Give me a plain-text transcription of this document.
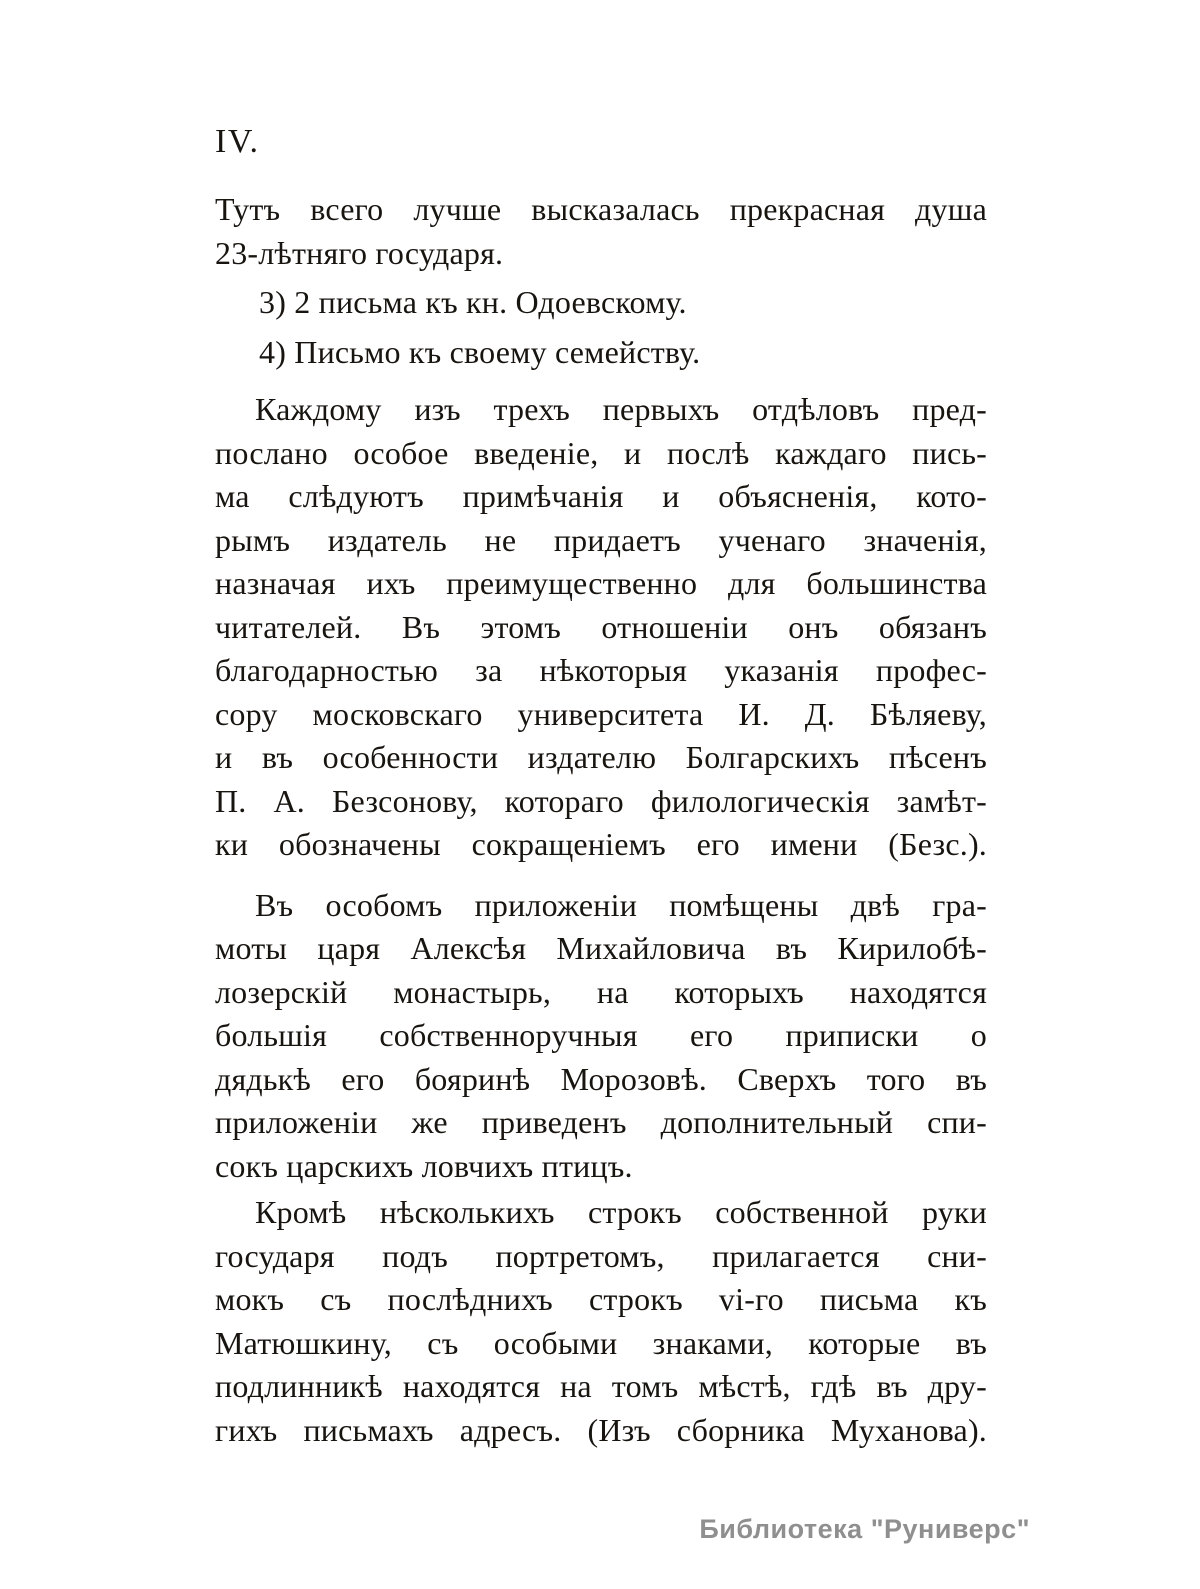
IV.
Тутъ всего лучше высказалась прекрасная душа
23-лѣтняго государя.
3) 2 письма къ кн. Одоевскому.
4) Письмо къ своему семейству.
Каждому изъ трехъ первыхъ отдѣловъ пред-
послано особое введеніе, и послѣ каждаго пись-
ма слѣдуютъ примѣчанія и объясненія, кото-
рымъ издатель не придаетъ ученаго значенія,
назначая ихъ преимущественно для большинства
читателей. Въ этомъ отношеніи онъ обязанъ
благодарностью за нѣкоторыя указанія профес-
сору московскаго университета И. Д. Бѣляеву,
и въ особенности издателю Болгарскихъ пѣсенъ
П. А. Безсонову, котораго филологическія замѣт-
ки обозначены сокращеніемъ его имени (Безс.).
Въ особомъ приложеніи помѣщены двѣ гра-
моты царя Алексѣя Михайловича въ Кирилобѣ-
лозерскій монастырь, на которыхъ находятся
большія собственноручныя его приписки о
дядькѣ его бояринѣ Морозовѣ. Сверхъ того въ
приложеніи же приведенъ дополнительный спи-
сокъ царскихъ ловчихъ птицъ.
Кромѣ нѣсколькихъ строкъ собственной руки
государя подъ портретомъ, прилагается сни-
мокъ съ послѣднихъ строкъ vi-го письма къ
Матюшкину, съ особыми знаками, которые въ
подлинникѣ находятся на томъ мѣстѣ, гдѣ въ дру-
гихъ письмахъ адресъ. (Изъ сборника Муханова).
Библиотека "Руниверс"
